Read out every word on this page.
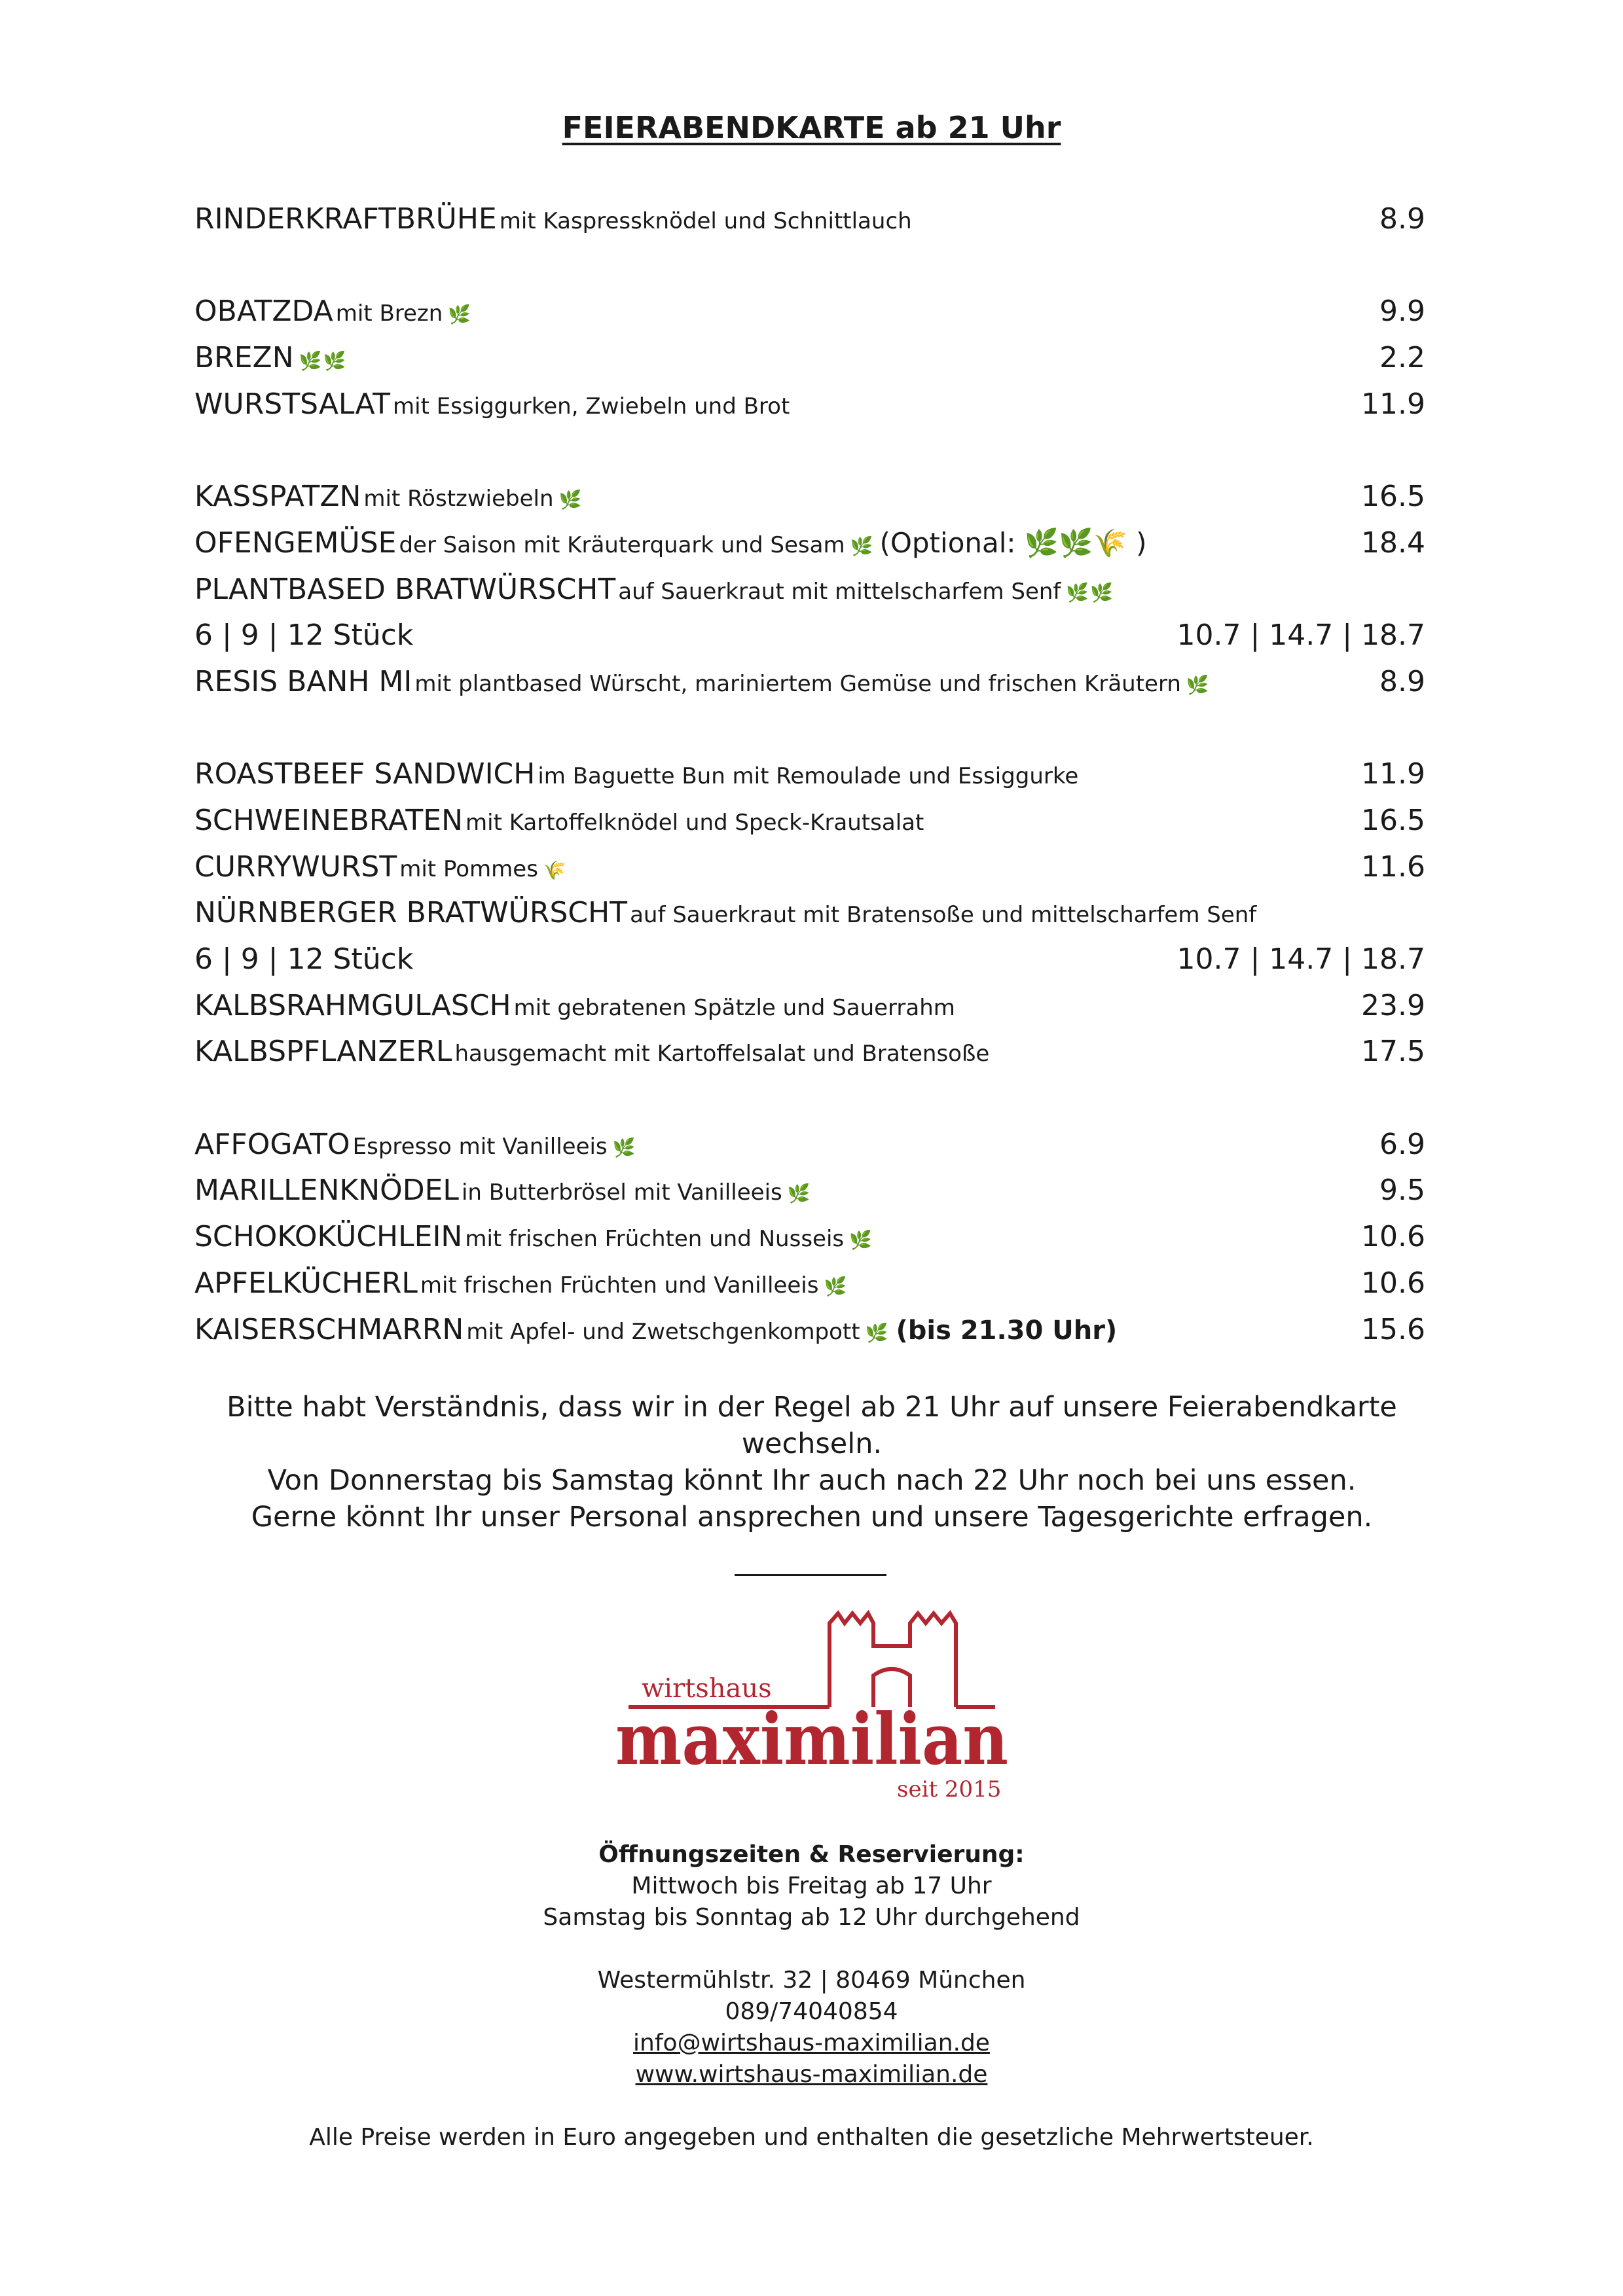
FEIERABENDKARTE ab 21 Uhr
RINDERKRAFTBRÜHE mit Kaspressknödel und Schnittlauch	8.9
OBATZDA mit Brezn 🌿	9.9
BREZN 🌿🌿	2.2
WURSTSALAT mit Essiggurken, Zwiebeln und Brot	11.9
KASSPATZN mit Röstzwiebeln 🌿	16.5
OFENGEMÜSE der Saison mit Kräuterquark und Sesam 🌿 (Optional: 🌿🌿🌾 )	18.4
PLANTBASED BRATWÜRSCHT auf Sauerkraut mit mittelscharfem Senf 🌿🌿
6 | 9 | 12 Stück	10.7 | 14.7 | 18.7
RESIS BANH MI mit plantbased Würscht, mariniertem Gemüse und frischen Kräutern 🌿	8.9
ROASTBEEF SANDWICH im Baguette Bun mit Remoulade und Essiggurke	11.9
SCHWEINEBRATEN mit Kartoffelknödel und Speck-Krautsalat	16.5
CURRYWURST mit Pommes 🌾	11.6
NÜRNBERGER BRATWÜRSCHT auf Sauerkraut mit Bratensoße und mittelscharfem Senf
6 | 9 | 12 Stück	10.7 | 14.7 | 18.7
KALBSRAHMGULASCH mit gebratenen Spätzle und Sauerrahm	23.9
KALBSPFLANZERL hausgemacht mit Kartoffelsalat und Bratensoße	17.5
AFFOGATO Espresso mit Vanilleeis 🌿	6.9
MARILLENKNÖDEL in Butterbrösel mit Vanilleeis 🌿	9.5
SCHOKOKÜCHLEIN mit frischen Früchten und Nusseis 🌿	10.6
APFELKÜCHERL mit frischen Früchten und Vanilleeis 🌿	10.6
KAISERSCHMARRN mit Apfel- und Zwetschgenkompott 🌿 (bis 21.30 Uhr)	15.6
Bitte habt Verständnis, dass wir in der Regel ab 21 Uhr auf unsere Feierabendkarte wechseln.
Von Donnerstag bis Samstag könnt Ihr auch nach 22 Uhr noch bei uns essen.
Gerne könnt Ihr unser Personal ansprechen und unsere Tagesgerichte erfragen.
wirtshaus
maximilian
seit 2015
Öffnungszeiten & Reservierung:
Mittwoch bis Freitag ab 17 Uhr
Samstag bis Sonntag ab 12 Uhr durchgehend
Westermühlstr. 32 | 80469 München
089/74040854
info@wirtshaus-maximilian.de
www.wirtshaus-maximilian.de
Alle Preise werden in Euro angegeben und enthalten die gesetzliche Mehrwertsteuer.
